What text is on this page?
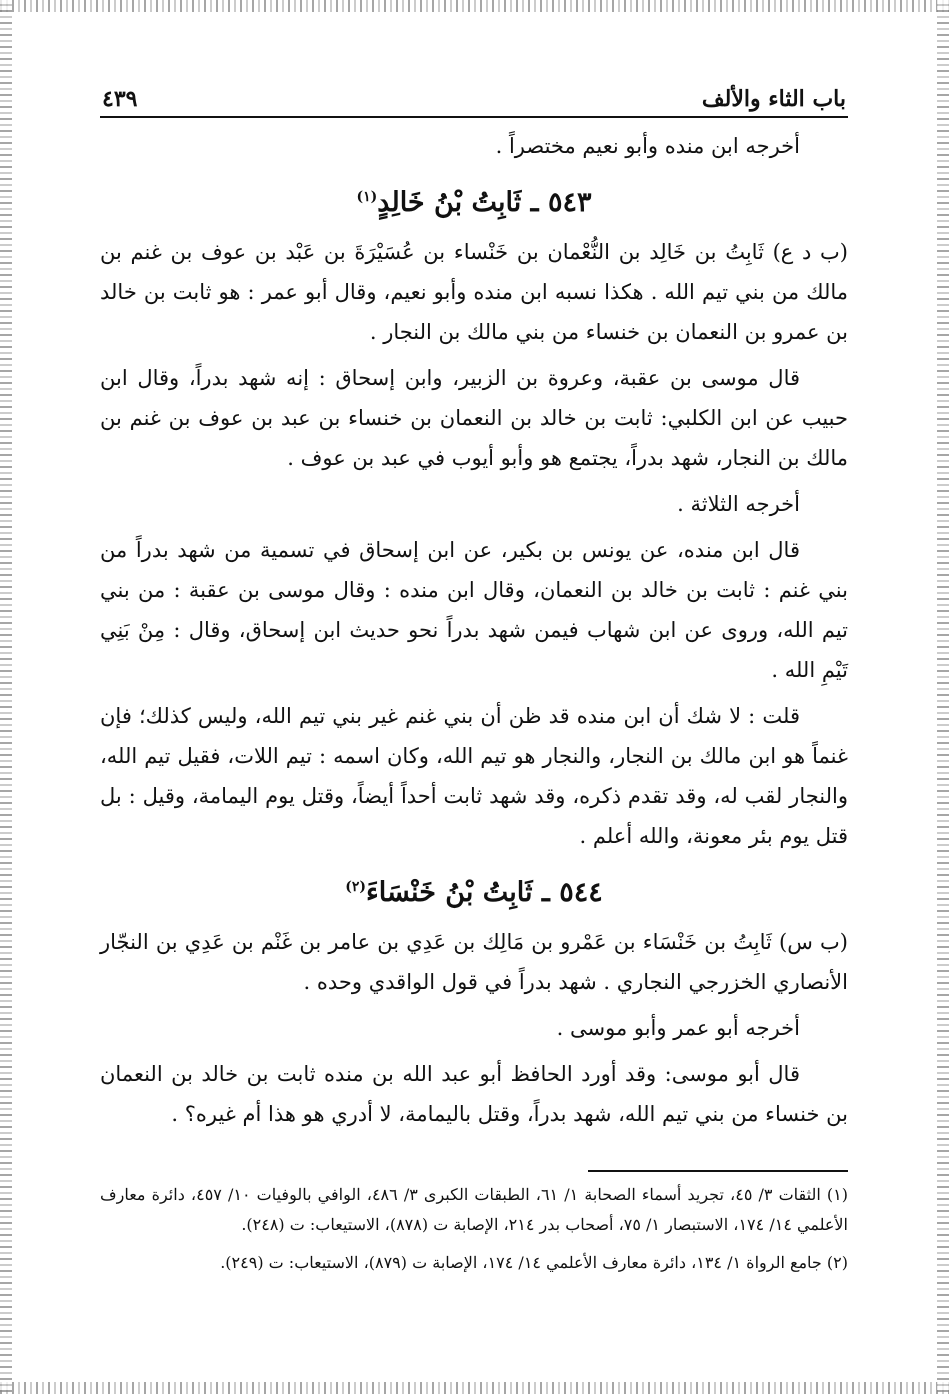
باب الثاء والألف
٤٣٩

أخرجه ابن منده وأبو نعيم مختصراً .

٥٤٣ ـ ثَابِتُ بْنُ خَالِدٍ$^{(١)}$

(ب د ع) ثَابِتُ بن خَالِد بن النُّعْمان بن خَنْساء بن عُسَيْرَةَ بن عَبْد بن عوف بن غنم بن مالك من بني تيم الله . هكذا نسبه ابن منده وأبو نعيم، وقال أبو عمر : هو ثابت بن خالد بن عمرو بن النعمان بن خنساء من بني مالك بن النجار .

قال موسى بن عقبة، وعروة بن الزبير، وابن إسحاق : إنه شهد بدراً، وقال ابن حبيب عن ابن الكلبي: ثابت بن خالد بن النعمان بن خنساء بن عبد بن عوف بن غنم بن مالك بن النجار، شهد بدراً، يجتمع هو وأبو أيوب في عبد بن عوف .

أخرجه الثلاثة .

قال ابن منده، عن يونس بن بكير، عن ابن إسحاق في تسمية من شهد بدراً من بني غنم : ثابت بن خالد بن النعمان، وقال ابن منده : وقال موسى بن عقبة : من بني تيم الله، وروى عن ابن شهاب فيمن شهد بدراً نحو حديث ابن إسحاق، وقال : مِنْ بَنِي تَيْمِ الله .

قلت : لا شك أن ابن منده قد ظن أن بني غنم غير بني تيم الله، وليس كذلك؛ فإن غنماً هو ابن مالك بن النجار، والنجار هو تيم الله، وكان اسمه : تيم اللات، فقيل تيم الله، والنجار لقب له، وقد تقدم ذكره، وقد شهد ثابت أحداً أيضاً، وقتل يوم اليمامة، وقيل : بل قتل يوم بئر معونة، والله أعلم .

٥٤٤ ـ ثَابِتُ بْنُ خَنْسَاءَ$^{(٢)}$

(ب س) ثَابِتُ بن خَنْسَاء بن عَمْرو بن مَالِك بن عَدِي بن عامر بن غَنْم بن عَدِي بن النجّار الأنصاري الخزرجي النجاري . شهد بدراً في قول الواقدي وحده .

أخرجه أبو عمر وأبو موسى .

قال أبو موسى: وقد أورد الحافظ أبو عبد الله بن منده ثابت بن خالد بن النعمان بن خنساء من بني تيم الله، شهد بدراً، وقتل باليمامة، لا أدري هو هذا أم غيره؟ .

(١) الثقات ٣/ ٤٥، تجريد أسماء الصحابة ١/ ٦١، الطبقات الكبرى ٣/ ٤٨٦، الوافي بالوفيات ١٠/ ٤٥٧، دائرة معارف الأعلمي ١٤/ ١٧٤، الاستبصار ١/ ٧٥، أصحاب بدر ٢١٤، الإصابة ت (٨٧٨)، الاستيعاب: ت (٢٤٨).

(٢) جامع الرواة ١/ ١٣٤، دائرة معارف الأعلمي ١٤/ ١٧٤، الإصابة ت (٨٧٩)، الاستيعاب: ت (٢٤٩).
